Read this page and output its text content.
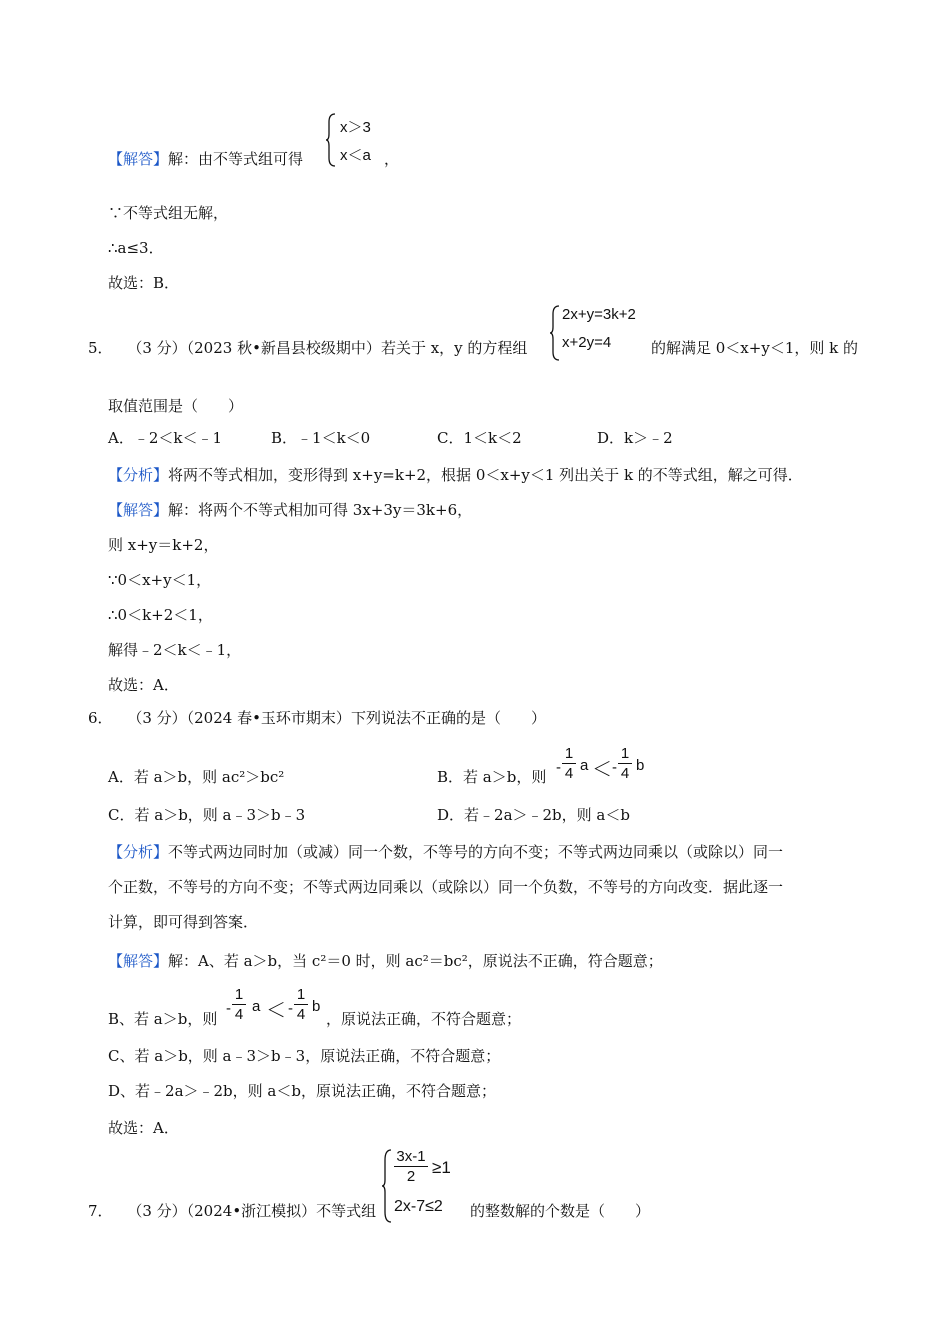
【解答】解：由不等式组可得
x＞3
x＜a ，
∵不等式组无解，
∴a≤3．
故选：B．
5． （3 分）（2023 秋•新昌县校级期中）若关于 x，y 的方程组
2x+y=3k+2
x+2y=4	的解满足 0＜x+y＜1，则 k 的
取值范围是（　　）
A．﹣2＜k＜﹣1	B．﹣1＜k＜0	C．1＜k＜2	D．k＞﹣2
【分析】将两不等式相加，变形得到 x+y=k+2，根据 0＜x+y＜1 列出关于 k 的不等式组，解之可得．
【解答】解：将两个不等式相加可得 3x+3y＝3k+6，
则 x+y＝k+2，
∵0＜x+y＜1，
∴0＜k+2＜1，
解得﹣2＜k＜﹣1，
故选：A．
6． （3 分）（2024 春•玉环市期末）下列说法不正确的是（　　）
A．若 a＞b，则 ac²＞bc²	B．若 a＞b，则
-
1
4 a ＜ -
1
4 b
C．若 a＞b，则 a﹣3＞b﹣3	D．若﹣2a＞﹣2b，则 a＜b
【分析】不等式两边同时加（或减）同一个数，不等号的方向不变；不等式两边同乘以（或除以）同一
个正数，不等号的方向不变；不等式两边同乘以（或除以）同一个负数，不等号的方向改变．据此逐一
计算，即可得到答案．
【解答】解：A、若 a＞b，当 c²＝0 时，则 ac²＝bc²，原说法不正确，符合题意；
B、若 a＞b，则
-
1
4 a ＜ -
1
4 b
，原说法正确，不符合题意；
C、若 a＞b，则 a﹣3＞b﹣3，原说法正确，不符合题意；
D、若﹣2a＞﹣2b，则 a＜b，原说法正确，不符合题意；
故选：A．
7． （3 分）（2024•浙江模拟）不等式组
3x-1
2 ≥1
2x-7≤2 的整数解的个数是（　　）
